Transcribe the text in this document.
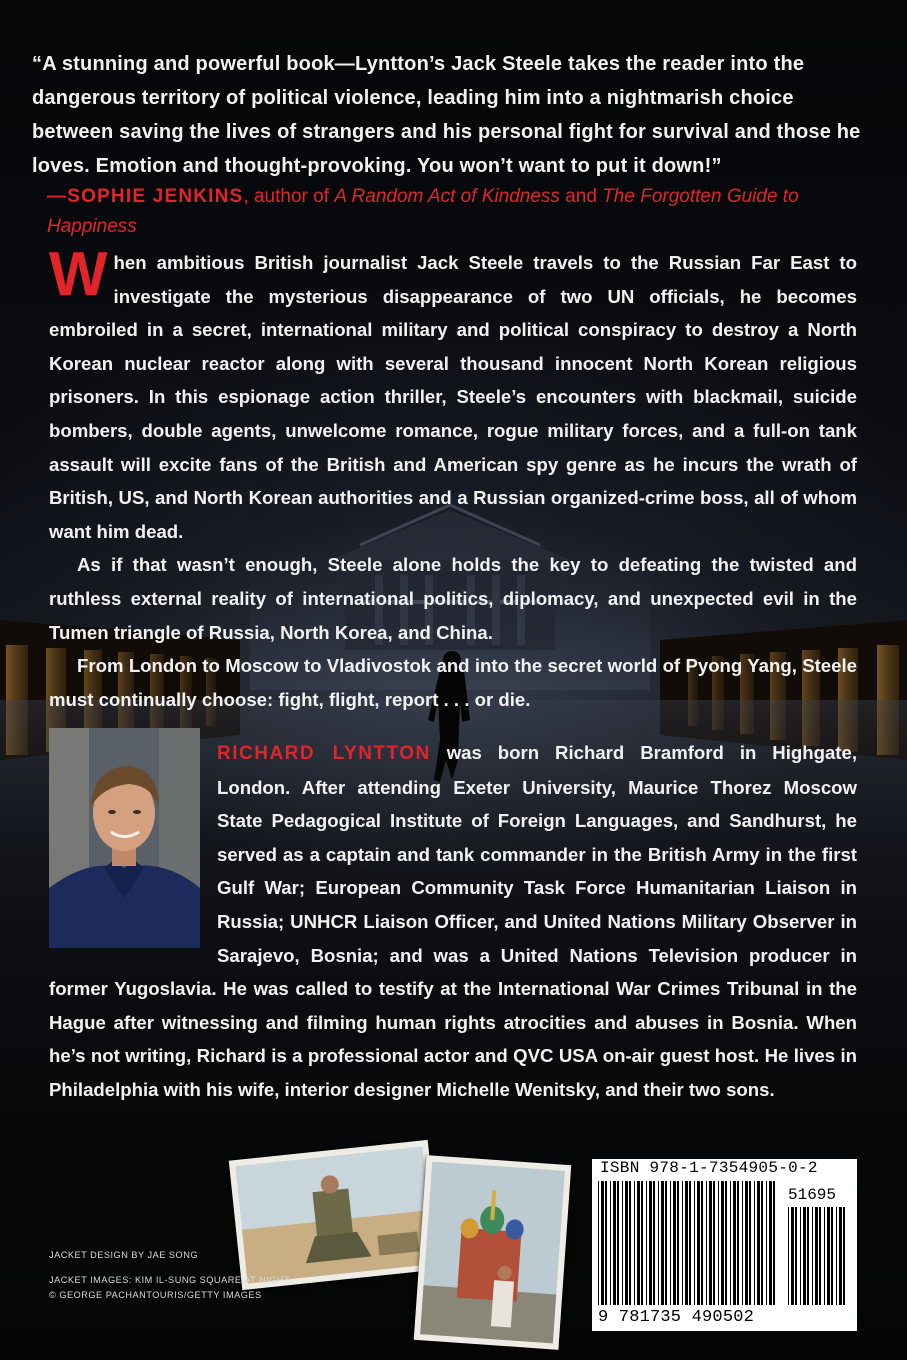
“A stunning and powerful book—Lyntton’s Jack Steele takes the reader into the dangerous territory of political violence, leading him into a nightmarish choice between saving the lives of strangers and his personal fight for survival and those he loves. Emotion and thought-provoking. You won’t want to put it down!”
—SOPHIE JENKINS, author of A Random Act of Kindness and The Forgotten Guide to Happiness

When ambitious British journalist Jack Steele travels to the Russian Far East to investigate the mysterious disappearance of two UN officials, he becomes embroiled in a secret, international military and political conspiracy to destroy a North Korean nuclear reactor along with several thousand innocent North Korean religious prisoners. In this espionage action thriller, Steele’s encounters with blackmail, suicide bombers, double agents, unwelcome romance, rogue military forces, and a full-on tank assault will excite fans of the British and American spy genre as he incurs the wrath of British, US, and North Korean authorities and a Russian organized-crime boss, all of whom want him dead.

As if that wasn’t enough, Steele alone holds the key to defeating the twisted and ruthless external reality of international politics, diplomacy, and unexpected evil in the Tumen triangle of Russia, North Korea, and China.

From London to Moscow to Vladivostok and into the secret world of Pyong Yang, Steele must continually choose: fight, flight, report . . . or die.

RICHARD LYNTTON was born Richard Bramford in Highgate, London. After attending Exeter University, Maurice Thorez Moscow State Pedagogical Institute of Foreign Languages, and Sandhurst, he served as a captain and tank commander in the British Army in the first Gulf War; European Community Task Force Humanitarian Liaison in Russia; UNHCR Liaison Officer, and United Nations Military Observer in Sarajevo, Bosnia; and was a United Nations Television producer in former Yugoslavia. He was called to testify at the International War Crimes Tribunal in the Hague after witnessing and filming human rights atrocities and abuses in Bosnia. When he’s not writing, Richard is a professional actor and QVC USA on-air guest host. He lives in Philadelphia with his wife, interior designer Michelle Wenitsky, and their two sons.
JACKET DESIGN BY JAE SONG
JACKET IMAGES: KIM IL-SUNG SQUARE AT NIGHT
© GEORGE PACHANTOURIS/GETTY IMAGES
ISBN 978-1-7354905-0-2
51695
9 781735 490502
